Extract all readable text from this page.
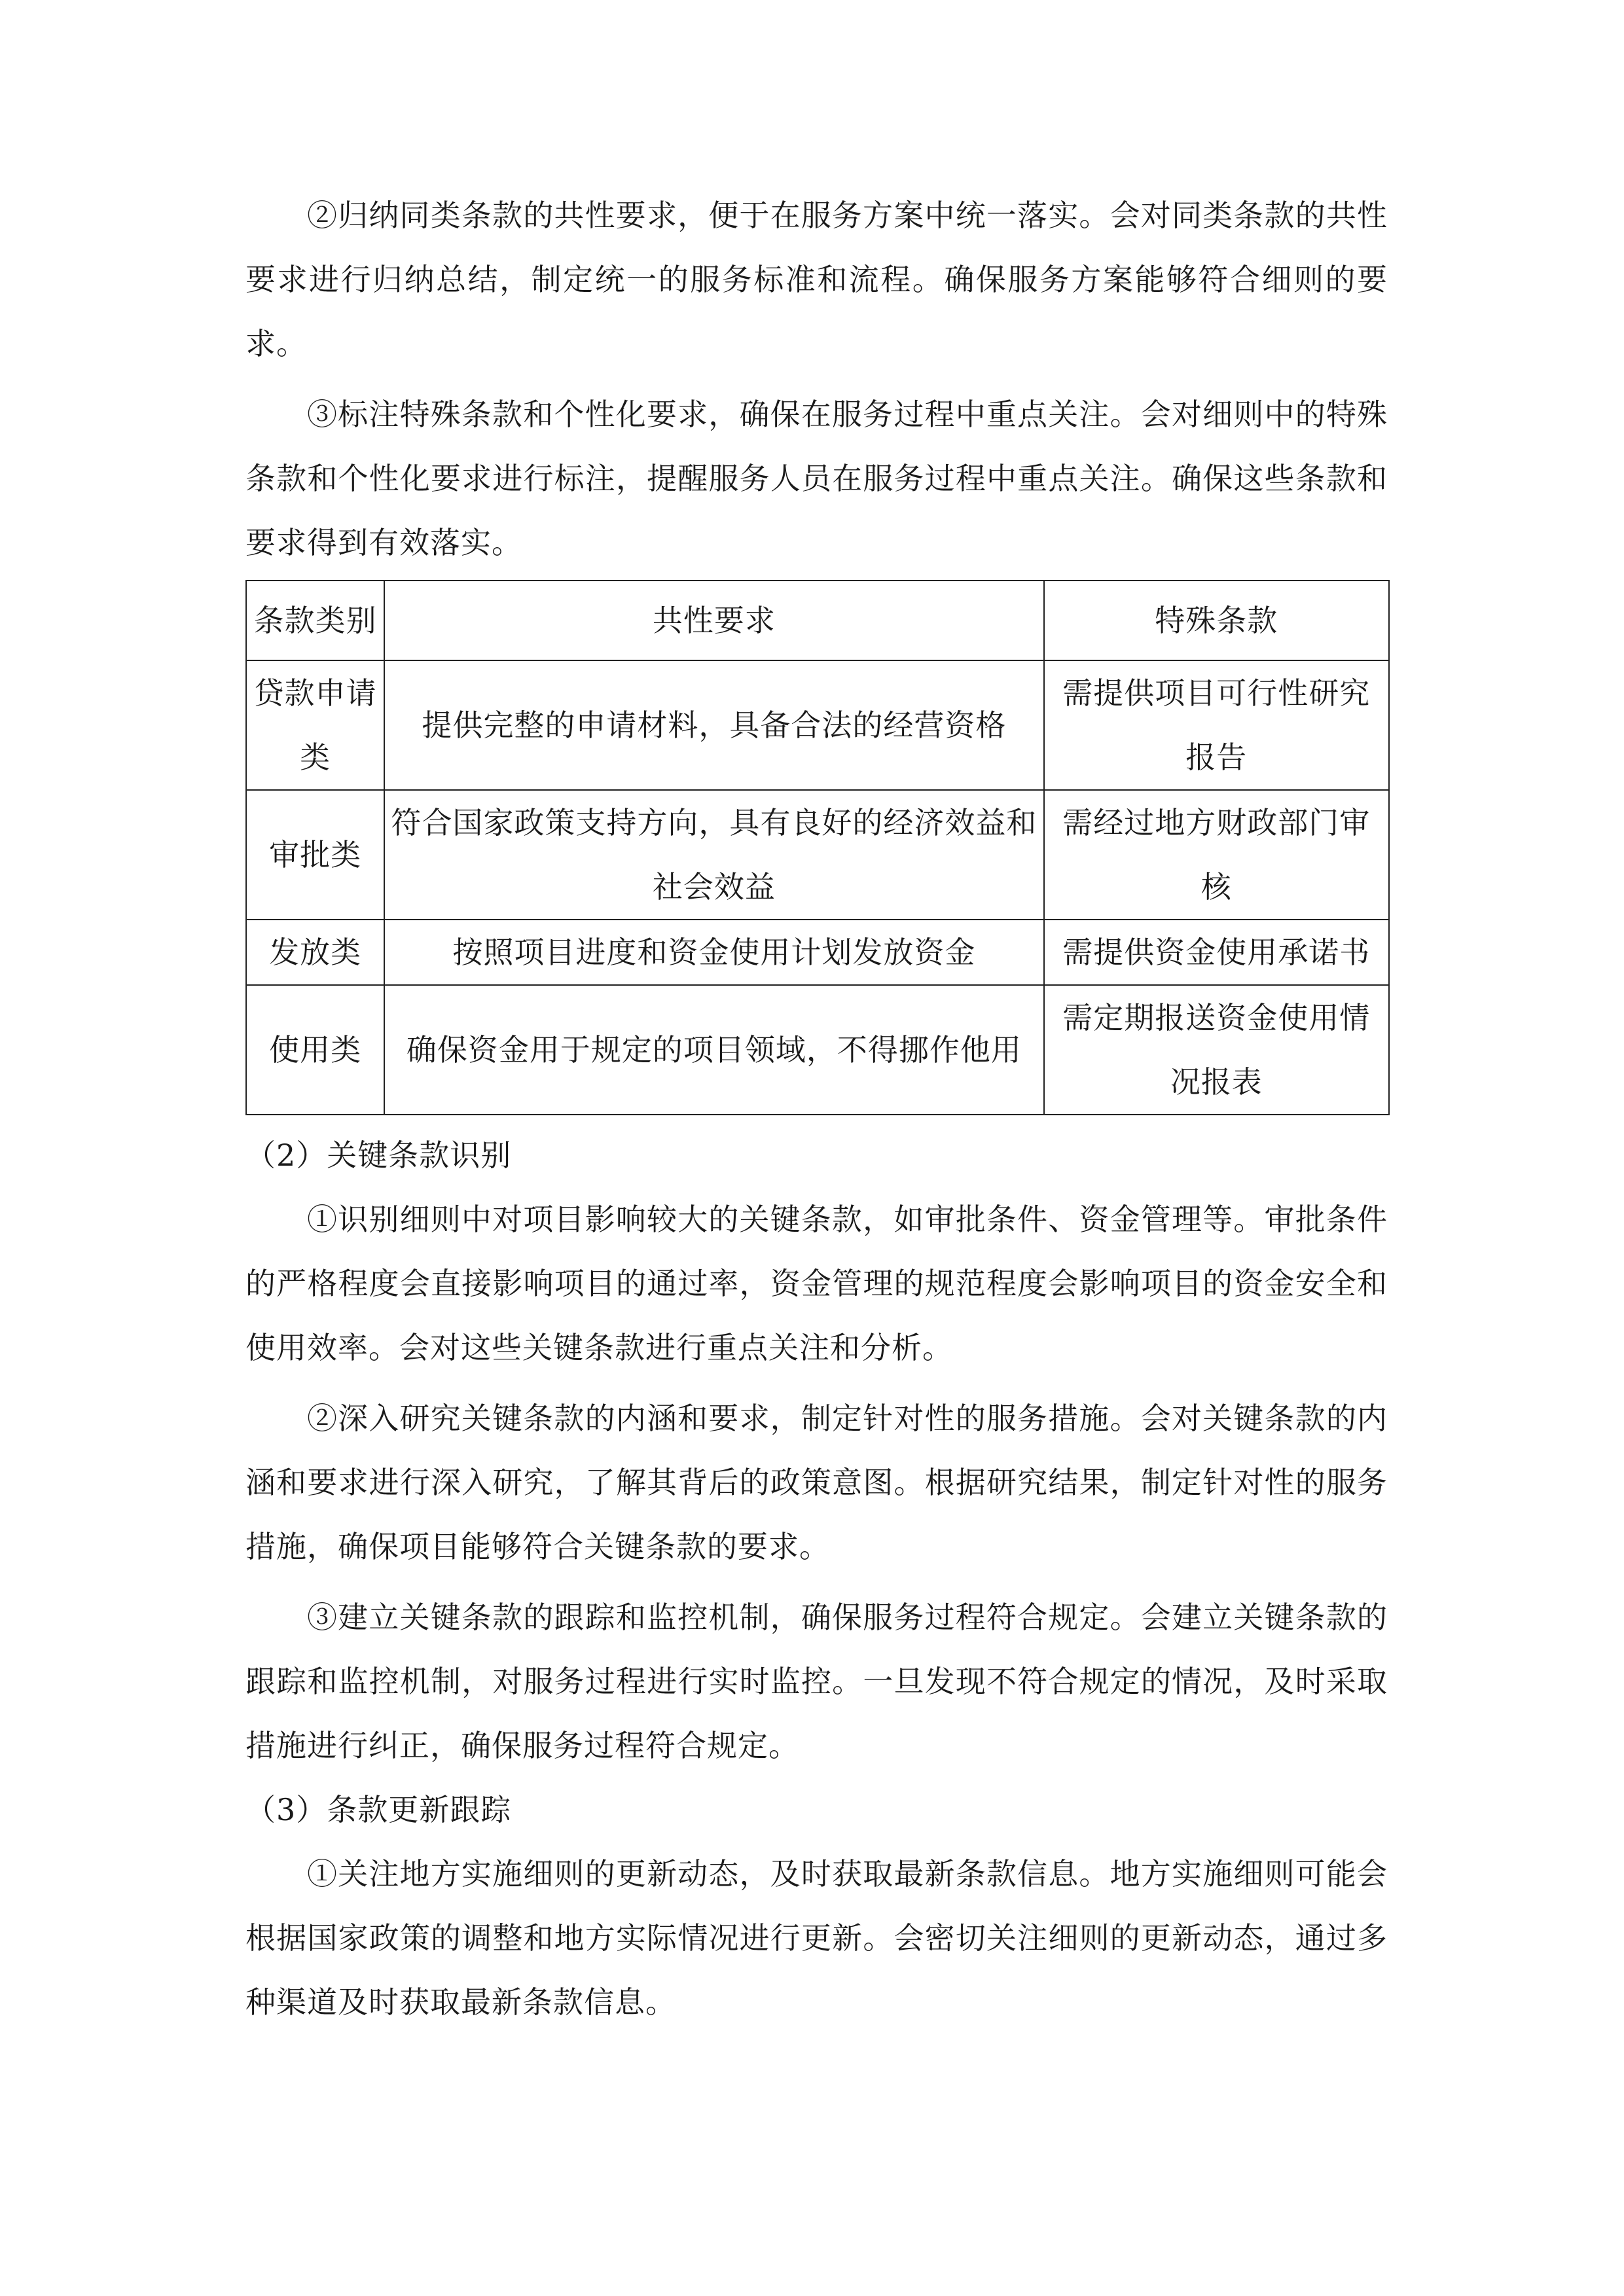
②归纳同类条款的共性要求，便于在服务方案中统一落实。会对同类条款的共性要求进行归纳总结，制定统一的服务标准和流程。确保服务方案能够符合细则的要求。

③标注特殊条款和个性化要求，确保在服务过程中重点关注。会对细则中的特殊条款和个性化要求进行标注，提醒服务人员在服务过程中重点关注。确保这些条款和要求得到有效落实。

条款类别	共性要求	特殊条款
贷款申请类	提供完整的申请材料，具备合法的经营资格	需提供项目可行性研究报告
审批类	符合国家政策支持方向，具有良好的经济效益和社会效益	需经过地方财政部门审核
发放类	按照项目进度和资金使用计划发放资金	需提供资金使用承诺书
使用类	确保资金用于规定的项目领域，不得挪作他用	需定期报送资金使用情况报表

（2）关键条款识别

①识别细则中对项目影响较大的关键条款，如审批条件、资金管理等。审批条件的严格程度会直接影响项目的通过率，资金管理的规范程度会影响项目的资金安全和使用效率。会对这些关键条款进行重点关注和分析。

②深入研究关键条款的内涵和要求，制定针对性的服务措施。会对关键条款的内涵和要求进行深入研究，了解其背后的政策意图。根据研究结果，制定针对性的服务措施，确保项目能够符合关键条款的要求。

③建立关键条款的跟踪和监控机制，确保服务过程符合规定。会建立关键条款的跟踪和监控机制，对服务过程进行实时监控。一旦发现不符合规定的情况，及时采取措施进行纠正，确保服务过程符合规定。

（3）条款更新跟踪

①关注地方实施细则的更新动态，及时获取最新条款信息。地方实施细则可能会根据国家政策的调整和地方实际情况进行更新。会密切关注细则的更新动态，通过多种渠道及时获取最新条款信息。
